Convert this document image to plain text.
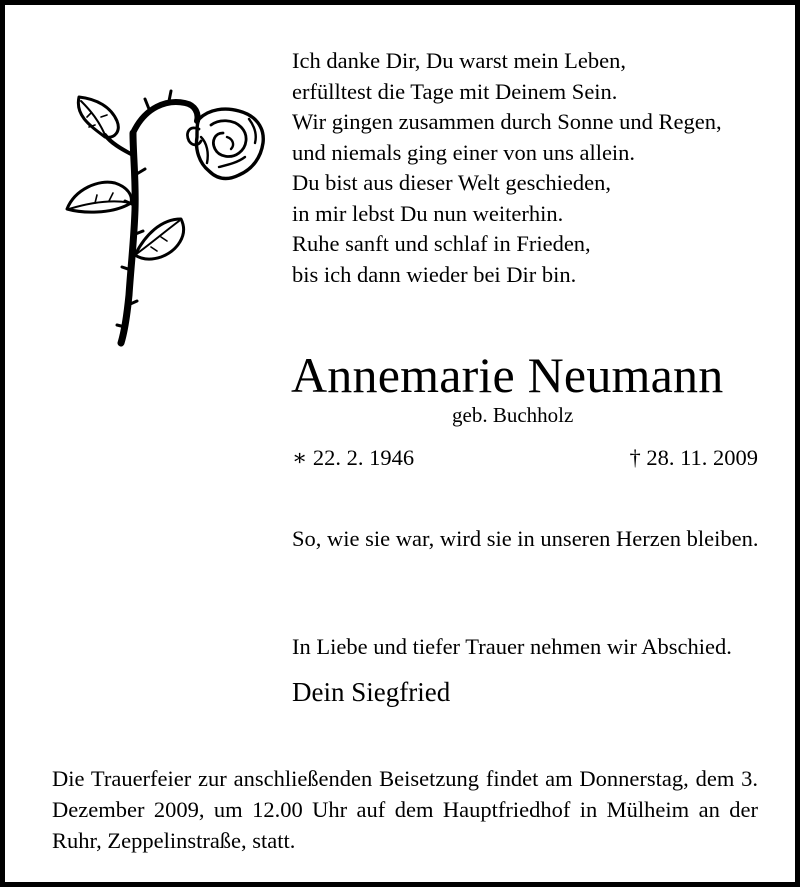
Ich danke Dir, Du warst mein Leben,
erfülltest die Tage mit Deinem Sein.
Wir gingen zusammen durch Sonne und Regen,
und niemals ging einer von uns allein.
Du bist aus dieser Welt geschieden,
in mir lebst Du nun weiterhin.
Ruhe sanft und schlaf in Frieden,
bis ich dann wieder bei Dir bin.
Annemarie Neumann
geb. Buchholz
∗ 22. 2. 1946	† 28. 11. 2009
So, wie sie war, wird sie in unseren Herzen bleiben.
In Liebe und tiefer Trauer nehmen wir Abschied.
Dein Siegfried
Die Trauerfeier zur anschließenden Beisetzung findet am Donnerstag, dem 3. Dezember 2009, um 12.00 Uhr auf dem Hauptfriedhof in Mülheim an der Ruhr, Zeppelinstraße, statt.
